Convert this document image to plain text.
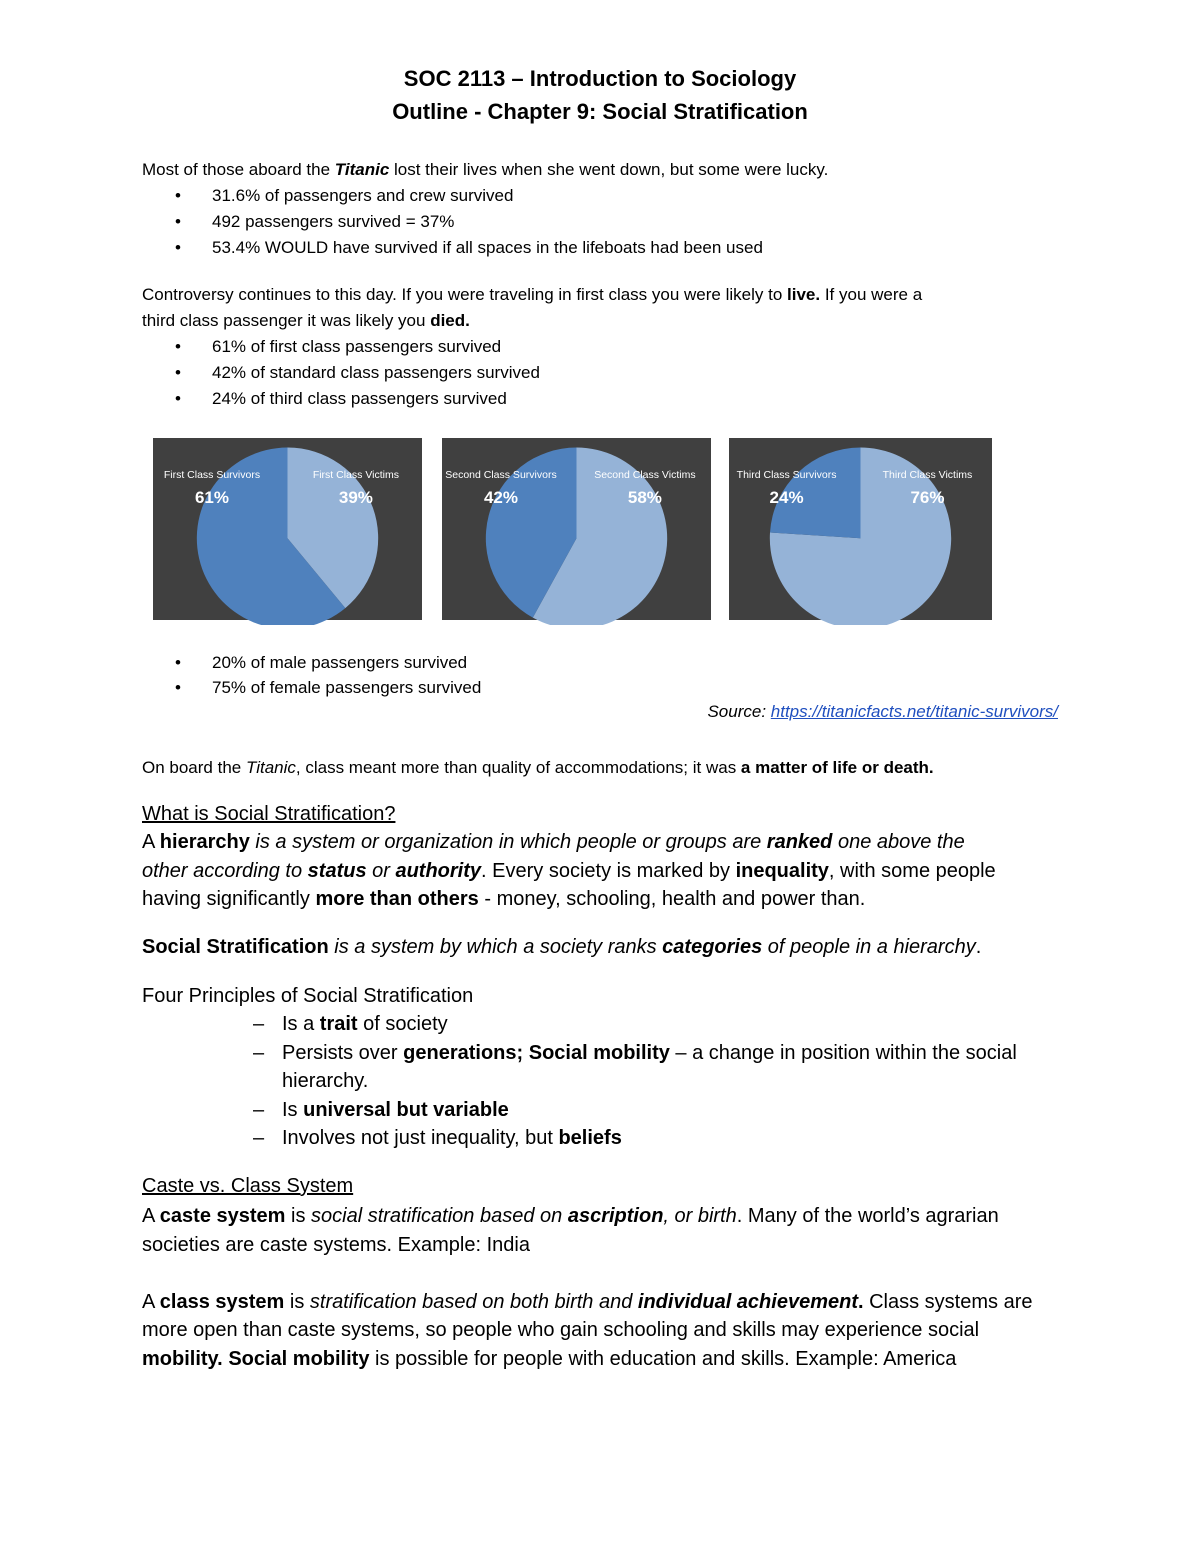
SOC 2113 – Introduction to Sociology
Outline - Chapter 9: Social Stratification
Most of those aboard the Titanic lost their lives when she went down, but some were lucky.
• 31.6% of passengers and crew survived
• 492 passengers survived = 37%
• 53.4% WOULD have survived if all spaces in the lifeboats had been used
Controversy continues to this day. If you were traveling in first class you were likely to live. If you were a
third class passenger it was likely you died.
• 61% of first class passengers survived
• 42% of standard class passengers survived
• 24% of third class passengers survived
First Class Survivors
61%
First Class Victims
39%
Second Class Survivors
42%
Second Class Victims
58%
Third Class Survivors
24%
Third Class Victims
76%
• 20% of male passengers survived
• 75% of female passengers survived
Source: https://titanicfacts.net/titanic-survivors/
On board the Titanic, class meant more than quality of accommodations; it was a matter of life or death.
What is Social Stratification?
A hierarchy is a system or organization in which people or groups are ranked one above the
other according to status or authority. Every society is marked by inequality, with some people
having significantly more than others - money, schooling, health and power than.
Social Stratification is a system by which a society ranks categories of people in a hierarchy.
Four Principles of Social Stratification
– Is a trait of society
– Persists over generations; Social mobility – a change in position within the social
hierarchy.
– Is universal but variable
– Involves not just inequality, but beliefs
Caste vs. Class System
A caste system is social stratification based on ascription, or birth. Many of the world’s agrarian
societies are caste systems. Example: India
A class system is stratification based on both birth and individual achievement. Class systems are
more open than caste systems, so people who gain schooling and skills may experience social
mobility. Social mobility is possible for people with education and skills. Example: America
